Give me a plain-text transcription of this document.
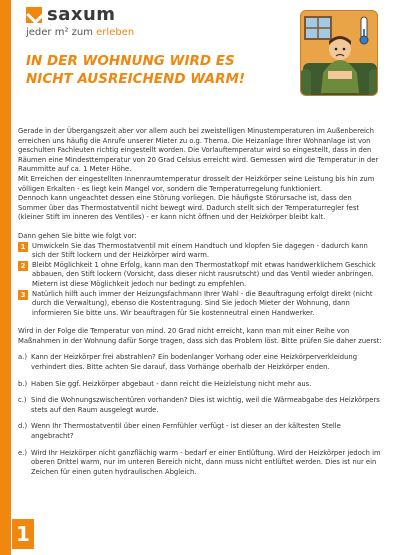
saxum
jeder m² zum erleben
IN DER WOHNUNG WIRD ES
NICHT AUSREICHEND WARM!

Gerade in der Übergangszeit aber vor allem auch bei zweistelligen Minustemperaturen im Außenbereich erreichen uns häufig die Anrufe unserer Mieter zu o.g. Thema. Die Heizanlage Ihrer Wohnanlage ist von geschulten Fachleuten richtig eingestellt worden. Die Vorlauftemperatur wird so eingestellt, dass in den Räumen eine Mindesttemperatur von 20 Grad Celsius erreicht wird. Gemessen wird die Temperatur in der Raummitte auf ca. 1 Meter Höhe.

Mit Erreichen der eingestellten Innenraumtemperatur drosselt der Heizkörper seine Leistung bis hin zum völligen Erkalten - es liegt kein Mangel vor, sondern die Temperaturregelung funktioniert.

Dennoch kann ungeachtet dessen eine Störung vorliegen. Die häufigste Störursache ist, dass den Sommer über das Thermostatventil nicht bewegt wird. Dadurch stellt sich der Temperaturregler fest (kleiner Stift im inneren des Ventiles) - er kann nicht öffnen und der Heizkörper bleibt kalt.

Dann gehen Sie bitte wie folgt vor:

1 Umwickeln Sie das Thermostatventil mit einem Handtuch und klopfen Sie dagegen - dadurch kann sich der Stift lockern und der Heizkörper wird warm.
2 Bleibt Möglichkeit 1 ohne Erfolg, kann man den Thermostatkopf mit etwas handwerklichem Geschick abbauen, den Stift lockern (Vorsicht, dass dieser nicht rausrutscht) und das Ventil wieder anbringen. Mietern ist diese Möglichkeit jedoch nur bedingt zu empfehlen.
3 Natürlich hilft auch immer der Heizungsfachmann Ihrer Wahl - die Beauftragung erfolgt direkt (nicht durch die Verwaltung), ebenso die Kostentragung. Sind Sie jedoch Mieter der Wohnung, dann informieren Sie bitte uns. Wir beauftragen für Sie kostenneutral einen Handwerker.

Wird in der Folge die Temperatur von mind. 20 Grad nicht erreicht, kann man mit einer Reihe von Maßnahmen in der Wohnung dafür Sorge tragen, dass sich das Problem löst. Bitte prüfen Sie daher zuerst:

a.) Kann der Heizkörper frei abstrahlen? Ein bodenlanger Vorhang oder eine Heizkörperverkleidung verhindert dies. Bitte achten Sie darauf, dass Vorhänge oberhalb der Heizkörper enden.
b.) Haben Sie ggf. Heizkörper abgebaut - dann reicht die Heizleistung nicht mehr aus.
c.) Sind die Wohnungszwischentüren vorhanden? Dies ist wichtig, weil die Wärmeabgabe des Heizkörpers stets auf den Raum ausgelegt wurde.
d.) Wenn Ihr Thermostatventil über einen Fernfühler verfügt - ist dieser an der kältesten Stelle angebracht?
e.) Wird Ihr Heizkörper nicht ganzflächig warm - bedarf er einer Entlüftung. Wird der Heizkörper jedoch im oberen Drittel warm, nur im unteren Bereich nicht, dann muss nicht entlüftet werden. Dies ist nur ein Zeichen für einen guten hydraulischen Abgleich.
1
